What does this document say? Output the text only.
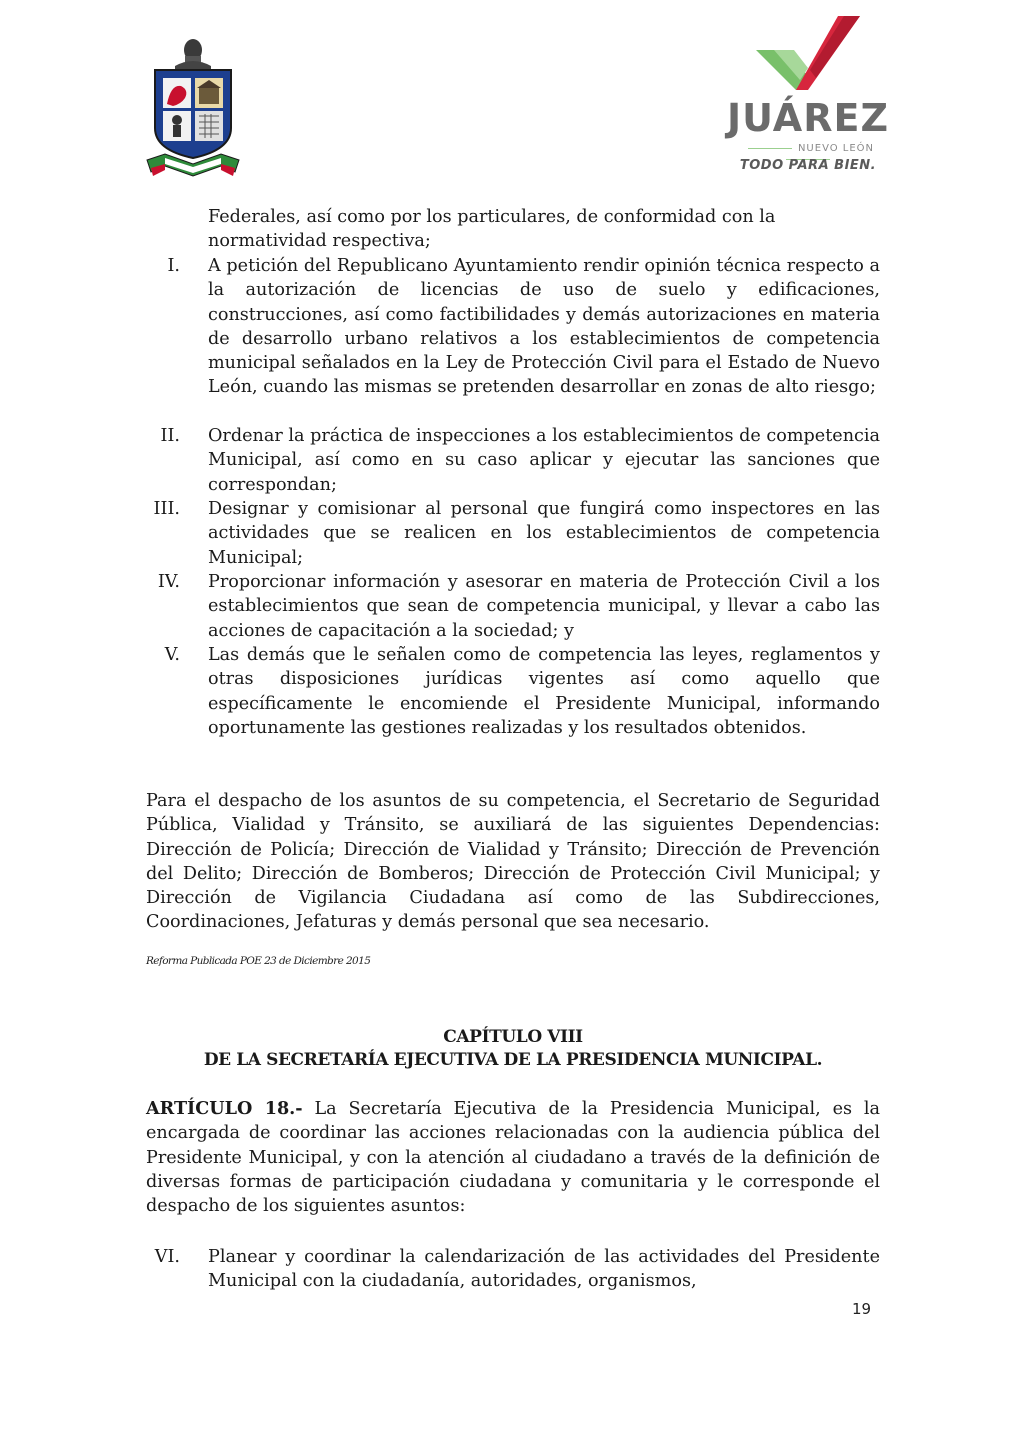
JUÁREZ
NUEVO LEÓN
TODO PARA BIEN.
Federales, así como por los particulares, de conformidad con la normatividad respectiva;
I. A petición del Republicano Ayuntamiento rendir opinión técnica respecto a la autorización de licencias de uso de suelo y edificaciones, construcciones, así como factibilidades y demás autorizaciones en materia de desarrollo urbano relativos a los establecimientos de competencia municipal señalados en la Ley de Protección Civil para el Estado de Nuevo León, cuando las mismas se pretenden desarrollar en zonas de alto riesgo;
II. Ordenar la práctica de inspecciones a los establecimientos de competencia Municipal, así como en su caso aplicar y ejecutar las sanciones que correspondan;
III. Designar y comisionar al personal que fungirá como inspectores en las actividades que se realicen en los establecimientos de competencia Municipal;
IV. Proporcionar información y asesorar en materia de Protección Civil a los establecimientos que sean de competencia municipal, y llevar a cabo las acciones de capacitación a la sociedad; y
V. Las demás que le señalen como de competencia las leyes, reglamentos y otras disposiciones jurídicas vigentes así como aquello que específicamente le encomiende el Presidente Municipal, informando oportunamente las gestiones realizadas y los resultados obtenidos.
Para el despacho de los asuntos de su competencia, el Secretario de Seguridad Pública, Vialidad y Tránsito, se auxiliará de las siguientes Dependencias: Dirección de Policía; Dirección de Vialidad y Tránsito; Dirección de Prevención del Delito; Dirección de Bomberos; Dirección de Protección Civil Municipal; y Dirección de Vigilancia Ciudadana así como de las Subdirecciones, Coordinaciones, Jefaturas y demás personal que sea necesario.
Reforma Publicada POE 23 de Diciembre 2015
CAPÍTULO VIII
DE LA SECRETARÍA EJECUTIVA DE LA PRESIDENCIA MUNICIPAL.
ARTÍCULO 18.- La Secretaría Ejecutiva de la Presidencia Municipal, es la encargada de coordinar las acciones relacionadas con la audiencia pública del Presidente Municipal, y con la atención al ciudadano a través de la definición de diversas formas de participación ciudadana y comunitaria y le corresponde el despacho de los siguientes asuntos:
VI. Planear y coordinar la calendarización de las actividades del Presidente Municipal con la ciudadanía, autoridades, organismos,
19
